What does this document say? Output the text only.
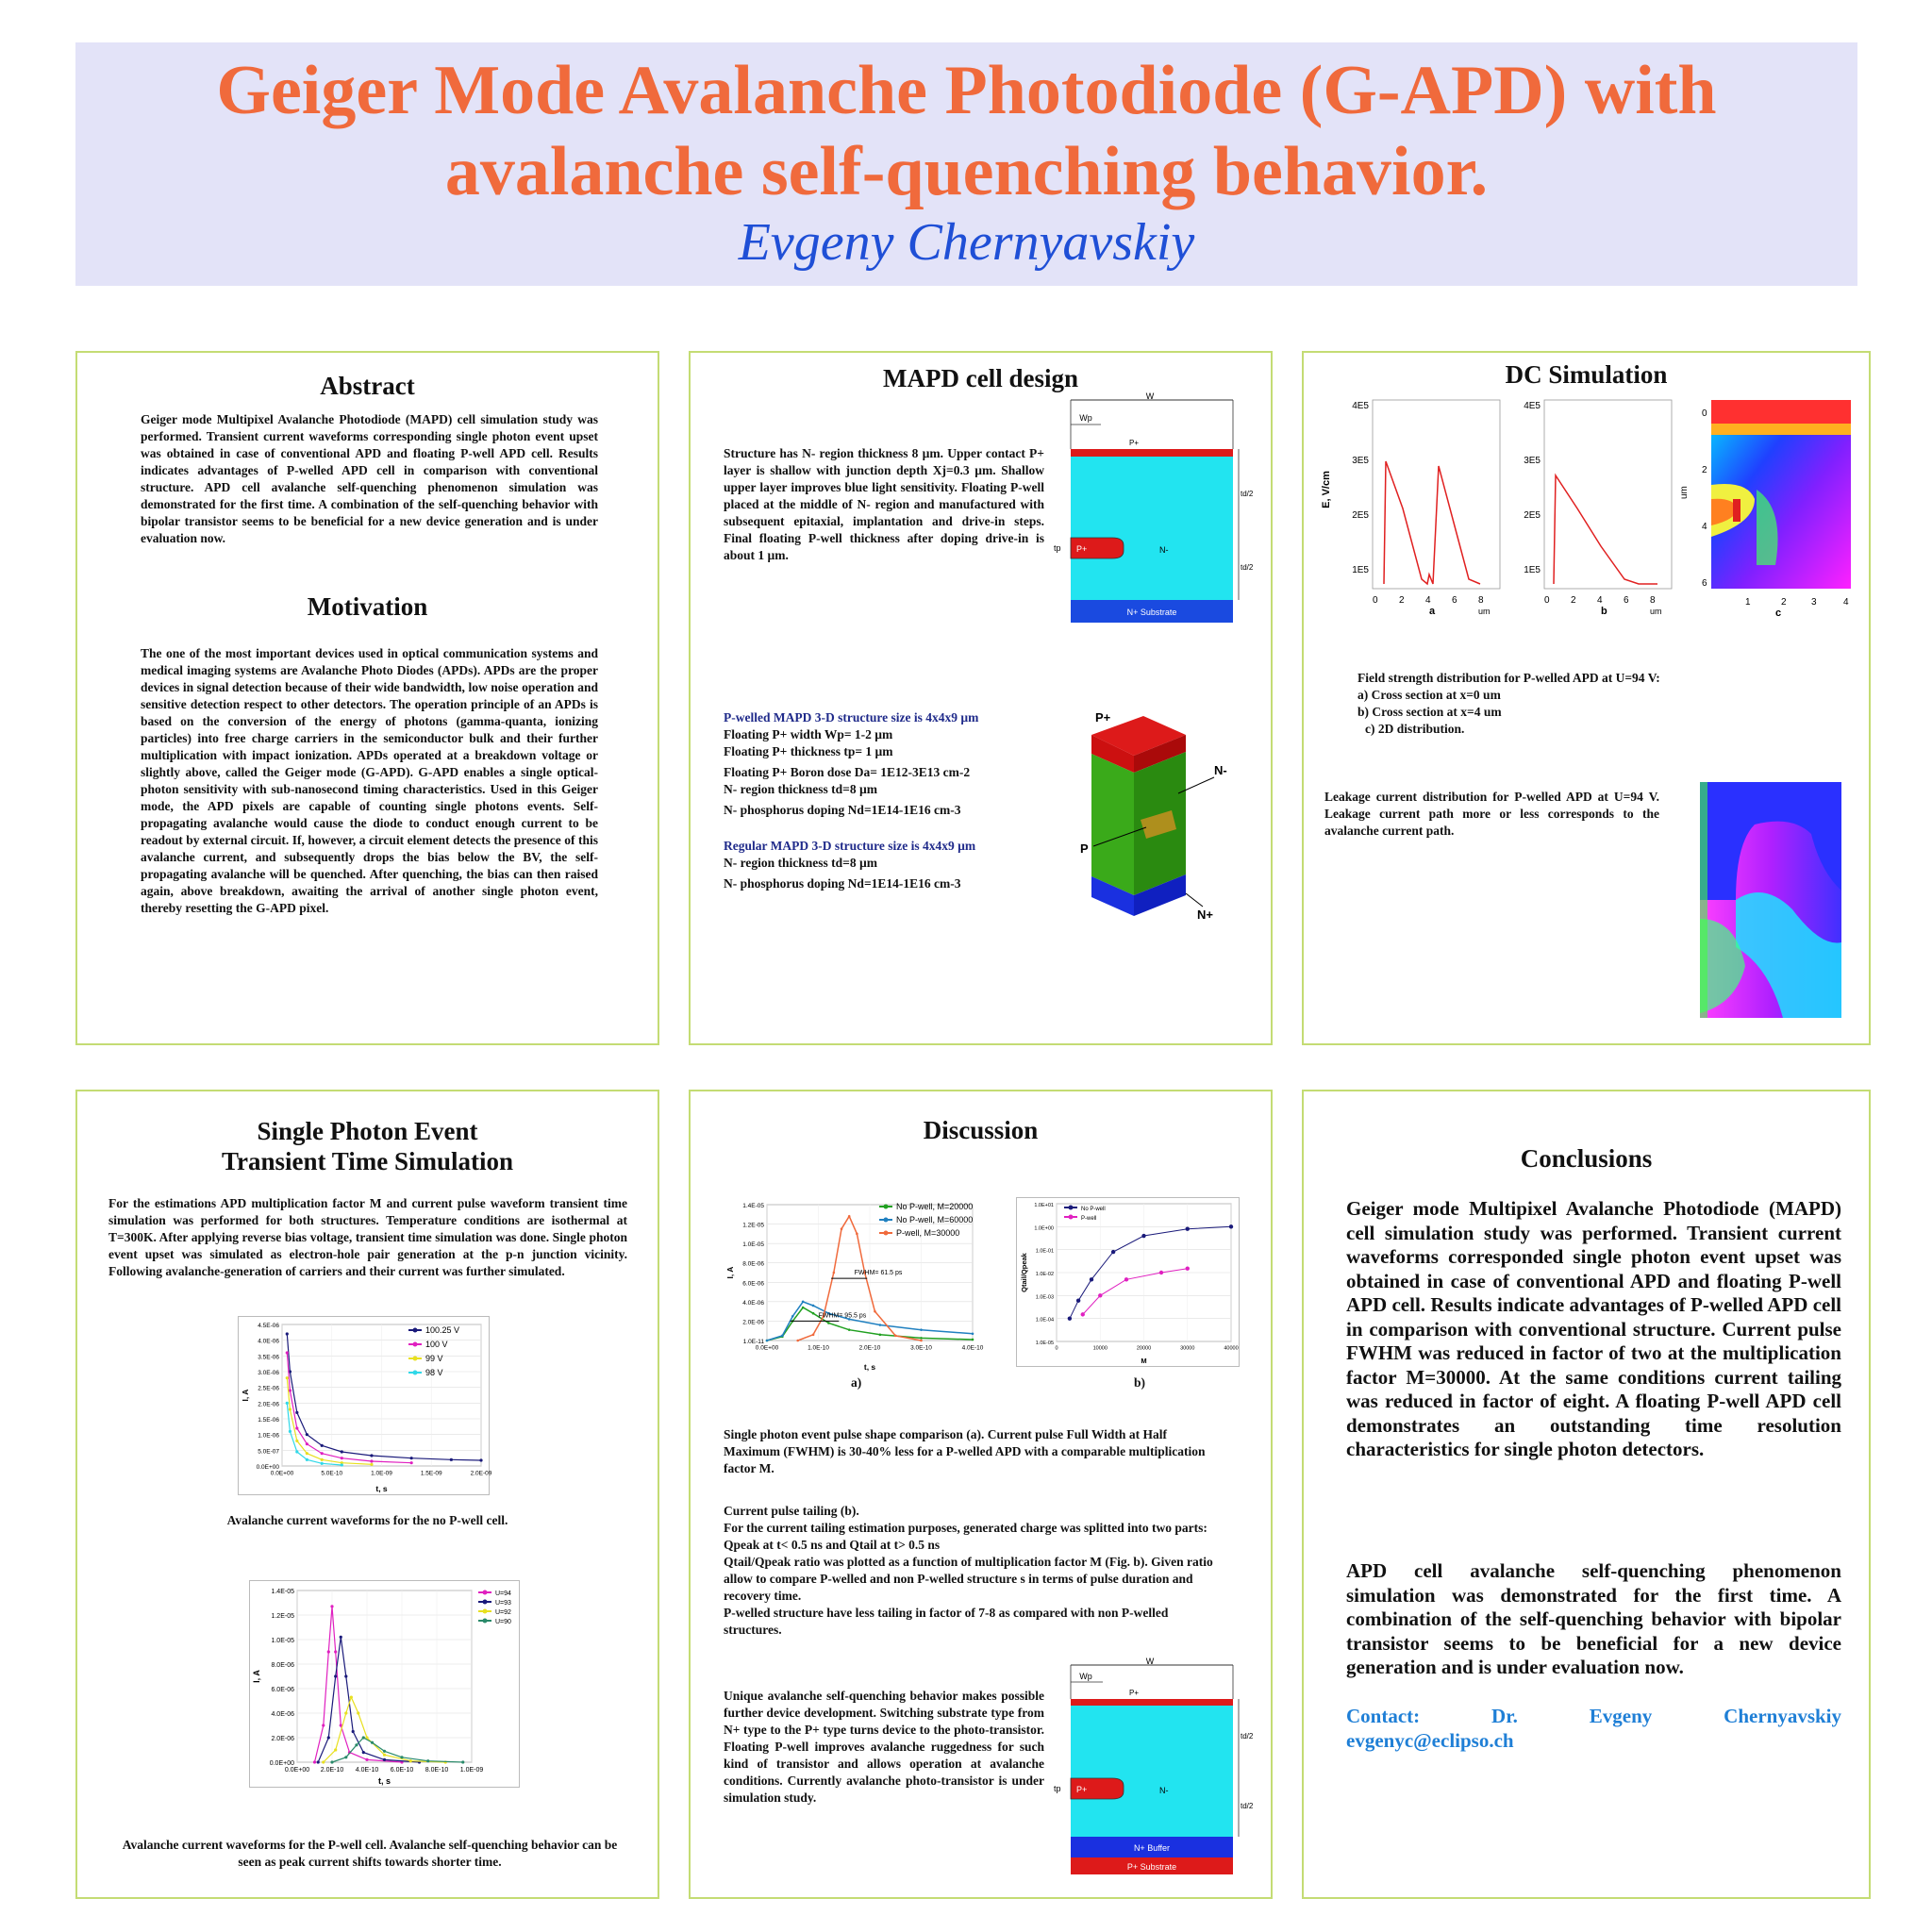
Geiger Mode Avalanche Photodiode (G-APD) with
avalanche self-quenching behavior.
Evgeny Chernyavskiy
Abstract
Geiger mode Multipixel Avalanche Photodiode (MAPD) cell simulation study was performed. Transient current waveforms corresponding single photon event upset was obtained in case of conventional APD and floating P-well APD cell. Results indicates advantages of P-welled APD cell in comparison with conventional structure. APD cell avalanche self-quenching phenomenon simulation was demonstrated for the first time. A combination of the self-quenching behavior with bipolar transistor seems to be beneficial for a new device generation and is under evaluation now.
Motivation
The one of the most important devices used in optical communication systems and medical imaging systems are Avalanche Photo Diodes (APDs). APDs are the proper devices in signal detection because of their wide bandwidth, low noise operation and sensitive detection respect to other detectors. The operation principle of an APDs is based on the conversion of the energy of photons (gamma-quanta, ionizing particles) into free charge carriers in the semiconductor bulk and their further multiplication with impact ionization. APDs operated at a breakdown voltage or slightly above, called the Geiger mode (G-APD). G-APD enables a single optical-photon sensitivity with sub-nanosecond timing characteristics. Used in this Geiger mode, the APD pixels are capable of counting single photons events. Self-propagating avalanche would cause the diode to conduct enough current to be readout by external circuit. If, however, a circuit element detects the presence of this avalanche current, and subsequently drops the bias below the BV, the self-propagating avalanche will be quenched. After quenching, the bias can then raised again, above breakdown, awaiting the arrival of another single photon event, thereby resetting the G-APD pixel.
MAPD cell design
Structure has N- region thickness 8 µm. Upper contact P+ layer is shallow with junction depth Xj=0.3 µm. Shallow upper layer improves blue light sensitivity. Floating P-well placed at the middle of N- region and manufactured with subsequent epitaxial, implantation and drive-in steps. Final floating P-well thickness after doping drive-in is about 1 µm.
W
Wp
P+
P+	N-
tp
N+ Substrate
td/2
td/2
P-welled MAPD 3-D structure size is 4x4x9 µm
Floating P+ width Wp= 1-2 µm
Floating P+ thickness tp= 1 µm
Floating P+ Boron dose Da= 1E12-3E13 cm-2
N- region thickness td=8 µm
N- phosphorus doping Nd=1E14-1E16 cm-3
Regular MAPD 3-D structure size is 4x4x9 µm
N- region thickness td=8 µm
N- phosphorus doping Nd=1E14-1E16 cm-3
P+
N-
P
N+
DC Simulation
E, V/cm
4E5
3E5
2E5
1E5
0 2 4 6 8
a	um
4E5
3E5
2E5
1E5
0 2 4 6 8
b	um
um
0
2
4
6
1	2	3	4
c
Field strength distribution for P-welled APD at U=94 V:
a) Cross section at x=0 um
b) Cross section at x=4 um
c) 2D distribution.
Leakage current distribution for P-welled APD at U=94 V. Leakage current path more or less corresponds to the avalanche current path.
Single Photon Event
Transient Time Simulation
For the estimations APD multiplication factor M and current pulse waveform transient time simulation was performed for both structures. Temperature conditions are isothermal at T=300K. After applying reverse bias voltage, transient time simulation was done. Single photon event upset was simulated as electron-hole pair generation at the p-n junction vicinity. Following avalanche-generation of carriers and their current was further simulated.
0.0E+00
5.0E-07
1.0E-06
1.5E-06
2.0E-06
2.5E-06
3.0E-06
3.5E-06
4.0E-06
4.5E-06
0.0E+00	5.0E-10	1.0E-09	1.5E-09	2.0E-09
t, s
I, A
100.25 V
100 V
99 V
98 V
Avalanche current waveforms for the no P-well cell.
0.0E+00
2.0E-06
4.0E-06
6.0E-06
8.0E-06
1.0E-05
1.2E-05
1.4E-05
0.0E+00 2.0E-10 4.0E-10 6.0E-10 8.0E-10 1.0E-09
t, s
I, A
U=94
U=93
U=92
U=90
Avalanche current waveforms for the P-well cell. Avalanche self-quenching behavior can be seen as peak current shifts towards shorter time.
Discussion
1.0E-11
2.0E-06
4.0E-06
6.0E-06
8.0E-06
1.0E-05
1.2E-05
1.4E-05
0.0E+00	1.0E-10	2.0E-10	3.0E-10	4.0E-10
t, s
I, A
No P-well, M=20000
No P-well, M=60000
P-well, M=30000
FWHM= 61.5 ps
FWHM= 95.5 ps
1.0E-05
1.0E-04
1.0E-03
1.0E-02
1.0E-01
1.0E+00
1.0E+01
0	10000	20000	30000	40000
M
Qtail/Qpeak
No P-well
P-well
a)	b)
Single photon event pulse shape comparison (a). Current pulse Full Width at Half Maximum (FWHM) is 30-40% less for a P-welled APD with a comparable multiplication factor M.
Current pulse tailing (b).
For the current tailing estimation purposes, generated charge was splitted into two parts:
Qpeak at t< 0.5 ns and Qtail at t> 0.5 ns
Qtail/Qpeak ratio was plotted as a function of multiplication factor M (Fig. b). Given ratio allow to compare P-welled and non P-welled structure s in terms of pulse duration and recovery time.
P-welled structure have less tailing in factor of 7-8 as compared with non P-welled structures.
Unique avalanche self-quenching behavior makes possible further device development. Switching substrate type from N+ type to the P+ type turns device to the photo-transistor. Floating P-well improves avalanche ruggedness for such kind of transistor and allows operation at avalanche conditions. Currently avalanche photo-transistor is under simulation study.
W
Wp
P+
P+	N-
tp
N+ Buffer
P+ Substrate
td/2
td/2
Conclusions
Geiger mode Multipixel Avalanche Photodiode (MAPD) cell simulation study was performed. Transient current waveforms corresponded single photon event upset was obtained in case of conventional APD and floating P-well APD cell. Results indicate advantages of P-welled APD cell in comparison with conventional structure. Current pulse FWHM was reduced in factor of two at the multiplication factor M=30000. At the same conditions current tailing was reduced in factor of eight. A floating P-well APD cell demonstrates an outstanding time resolution characteristics for single photon detectors.
APD cell avalanche self-quenching phenomenon simulation was demonstrated for the first time. A combination of the self-quenching behavior with bipolar transistor seems to be beneficial for a new device generation and is under evaluation now.
Contact: Dr. Evgeny Chernyavskiy
evgenyc@eclipso.ch
